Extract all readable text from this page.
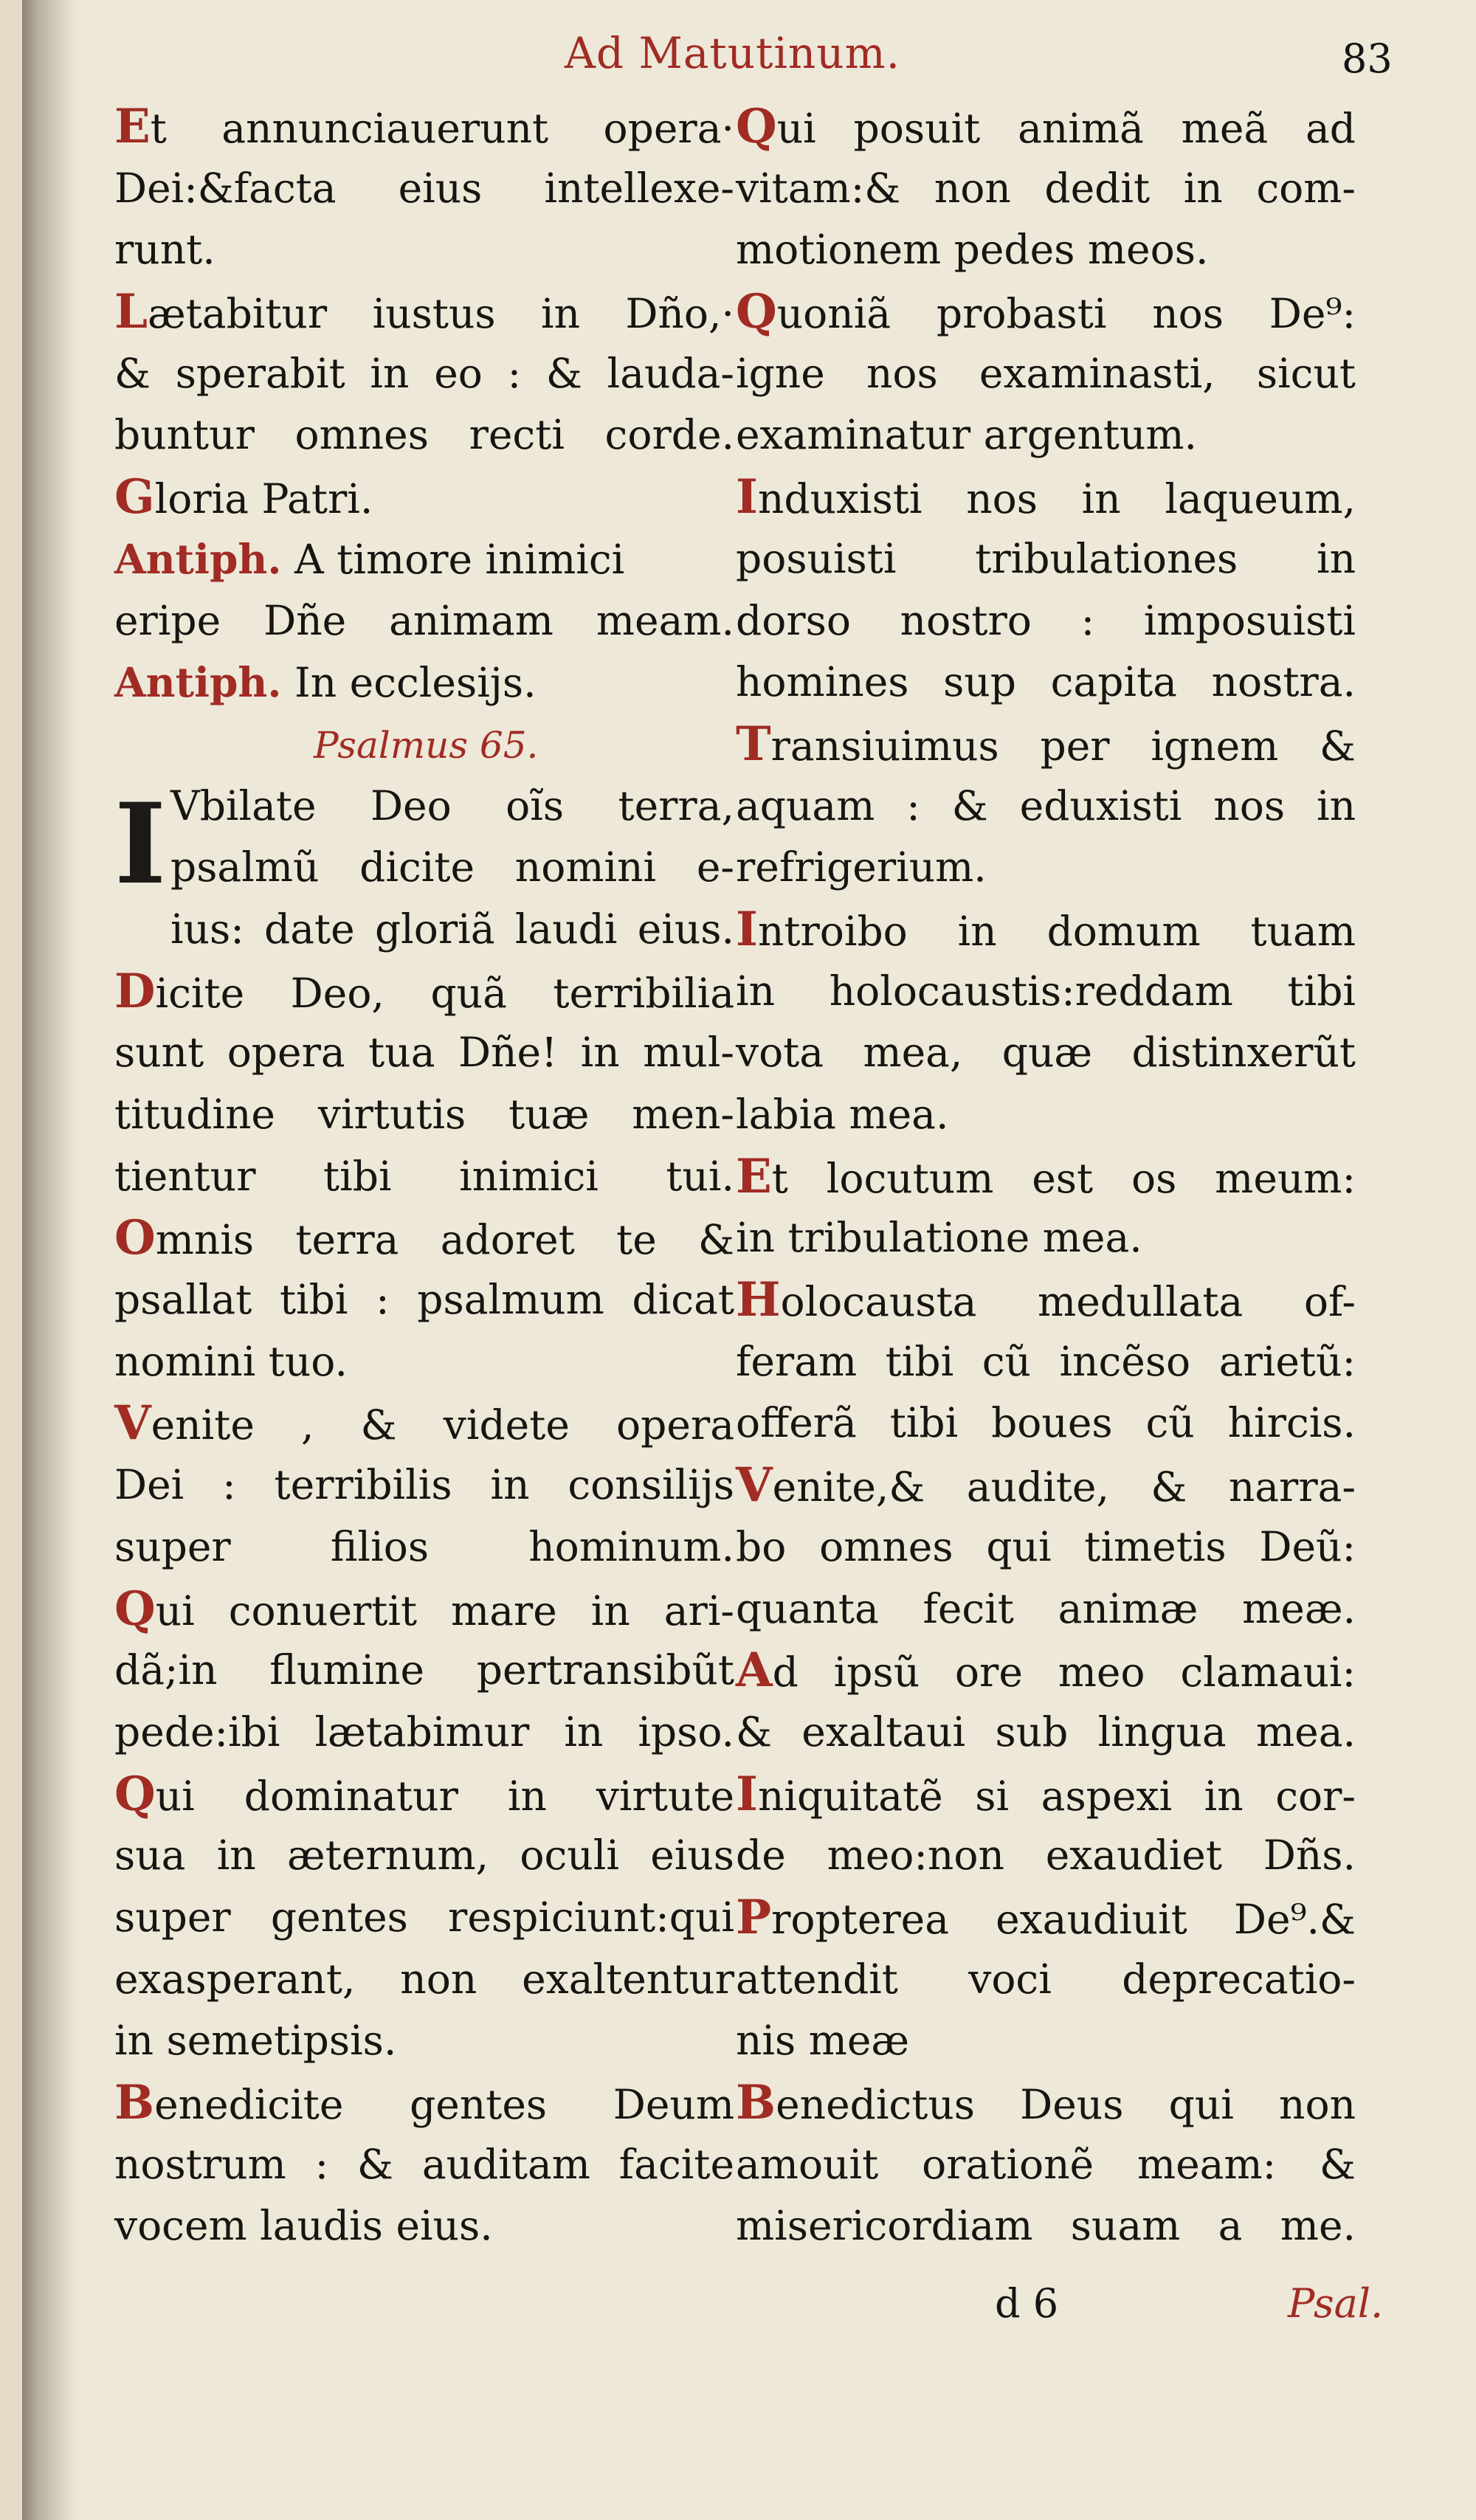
Ad Matutinum.	83
Et annunciauerunt opera·
Dei:&facta eius intellexe-
runt.
Lætabitur iustus in Dño,·
& sperabit in eo : & lauda-
buntur omnes recti corde.
Gloria Patri.
Antiph. A timore inimici
eripe Dñe animam meam.
Antiph. In ecclesijs.
Psalmus 65.
I Vbilate Deo oĩs terra,
psalmũ dicite nomini e-
ius: date gloriã laudi eius.
Dicite Deo, quã terribilia
sunt opera tua Dñe! in mul-
titudine virtutis tuæ men-
tientur tibi inimici tui.
Omnis terra adoret te &
psallat tibi : psalmum dicat
nomini tuo.
Venite , & videte opera
Dei : terribilis in consilijs
super filios hominum.
Qui conuertit mare in ari-
dã;in flumine pertransibũt
pede:ibi lætabimur in ipso.
Qui dominatur in virtute
sua in æternum, oculi eius
super gentes respiciunt:qui
exasperant, non exaltentur
in semetipsis.
Benedicite gentes Deum
nostrum : & auditam facite
vocem laudis eius.
Qui posuit animã meã ad
vitam:& non dedit in com-
motionem pedes meos.
Quoniã probasti nos De⁹:
igne nos examinasti, sicut
examinatur argentum.
Induxisti nos in laqueum,
posuisti tribulationes in
dorso nostro : imposuisti
homines sup capita nostra.
Transiuimus per ignem &
aquam : & eduxisti nos in
refrigerium.
Introibo in domum tuam
in holocaustis:reddam tibi
vota mea, quæ distinxerũt
labia mea.
Et locutum est os meum:
in tribulatione mea.
Holocausta medullata of-
feram tibi cũ incẽso arietũ:
offerã tibi boues cũ hircis.
Venite,& audite, & narra-
bo omnes qui timetis Deũ:
quanta fecit animæ meæ.
Ad ipsũ ore meo clamaui:
& exaltaui sub lingua mea.
Iniquitatẽ si aspexi in cor-
de meo:non exaudiet Dñs.
Propterea exaudiuit De⁹.&
attendit voci deprecatio-
nis meæ
Benedictus Deus qui non
amouit orationẽ meam: &
misericordiam suam a me.
d 6	Psal.
